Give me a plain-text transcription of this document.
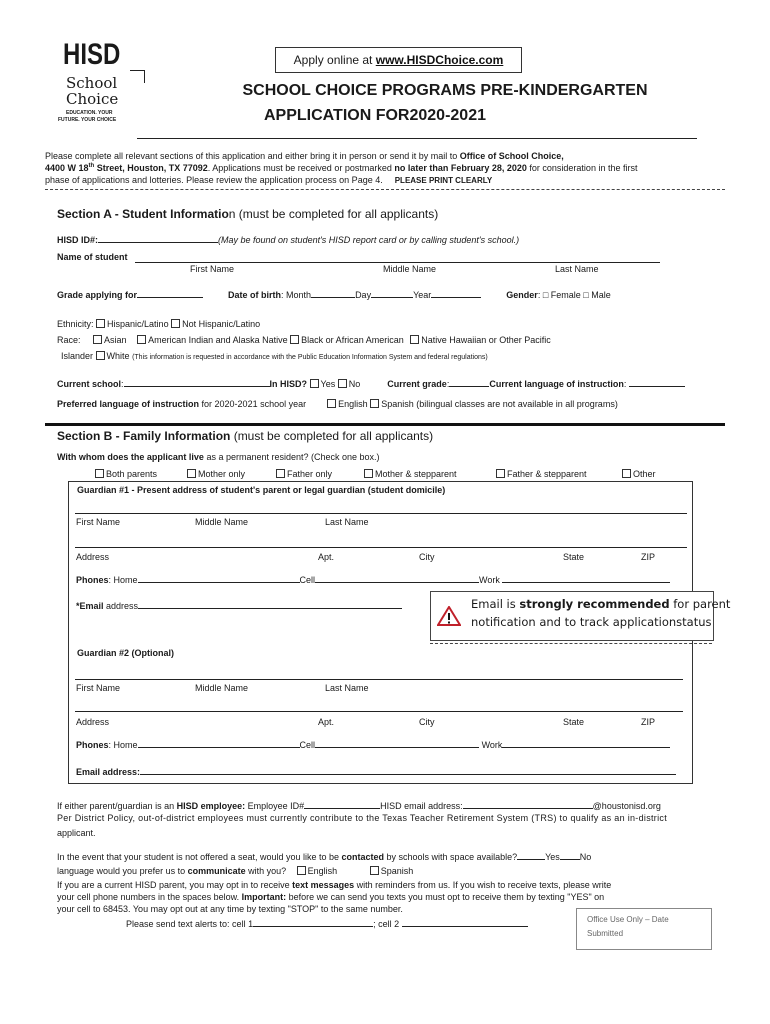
HISD
School
Choice
EDUCATION. YOUR
FUTURE. YOUR CHOICE
Apply online at www.HISDChoice.com
SCHOOL CHOICE PROGRAMS PRE-KINDERGARTEN
APPLICATION FOR2020-2021
Please complete all relevant sections of this application and either bring it in person or send it by mail to Office of School Choice,
4400 W 18th Street, Houston, TX 77092. Applications must be received or postmarked no later than February 28, 2020 for consideration in the first
phase of applications and lotteries. Please review the application process on Page 4. PLEASE PRINT CLEARLY
Section A - Student Information (must be completed for all applicants)
HISD ID#:	(May be found on student's HISD report card or by calling student's school.)
Name of student
First Name	Middle Name	Last Name
Grade applying for	Date of birth: Month	Day	Year	Gender: □ Female □ Male
Ethnicity: Hispanic/Latino Not Hispanic/Latino
Race: Asian American Indian and Alaska Native Black or African American Native Hawaiian or Other Pacific
Islander White (This information is requested in accordance with the Public Education Information System and federal regulations)
Current school:	In HISD? Yes No	Current grade:	Current language of instruction:
Preferred language of instruction for 2020-2021 school year	English Spanish (bilingual classes are not available in all programs)
Section B - Family Information (must be completed for all applicants)
With whom does the applicant live as a permanent resident? (Check one box.)
Both parents	Mother only	Father only	Mother & stepparent	Father & stepparent	Other
Guardian #1 - Present address of student's parent or legal guardian (student domicile)
First Name	Middle Name	Last Name
Address	Apt.	City	State	ZIP
Phones: Home	Cell	Work
*Email address	Email is strongly recommended for parent
notification and to track applicationstatus
Guardian #2 (Optional)
First Name	Middle Name	Last Name
Address	Apt.	City	State	ZIP
Phones: Home	Cell	Work
Email address:
If either parent/guardian is an HISD employee: Employee ID#	HISD email address:	@houstonisd.org
Per District Policy, out-of-district employees must currently contribute to the Texas Teacher Retirement System (TRS) to qualify as an in-district
applicant.
In the event that your student is not offered a seat, would you like to be contacted by schools with space available?	Yes No
language would you prefer us to communicate with you? English	Spanish
If you are a current HISD parent, you may opt in to receive text messages with reminders from us. If you wish to receive texts, please write
your cell phone numbers in the spaces below. Important: before we can send you texts you must opt to receive them by texting "YES" on
your cell to 68453. You may opt out at any time by texting "STOP" to the same number.
Please send text alerts to: cell 1	; cell 2	Office Use Only – Date
Submitted
